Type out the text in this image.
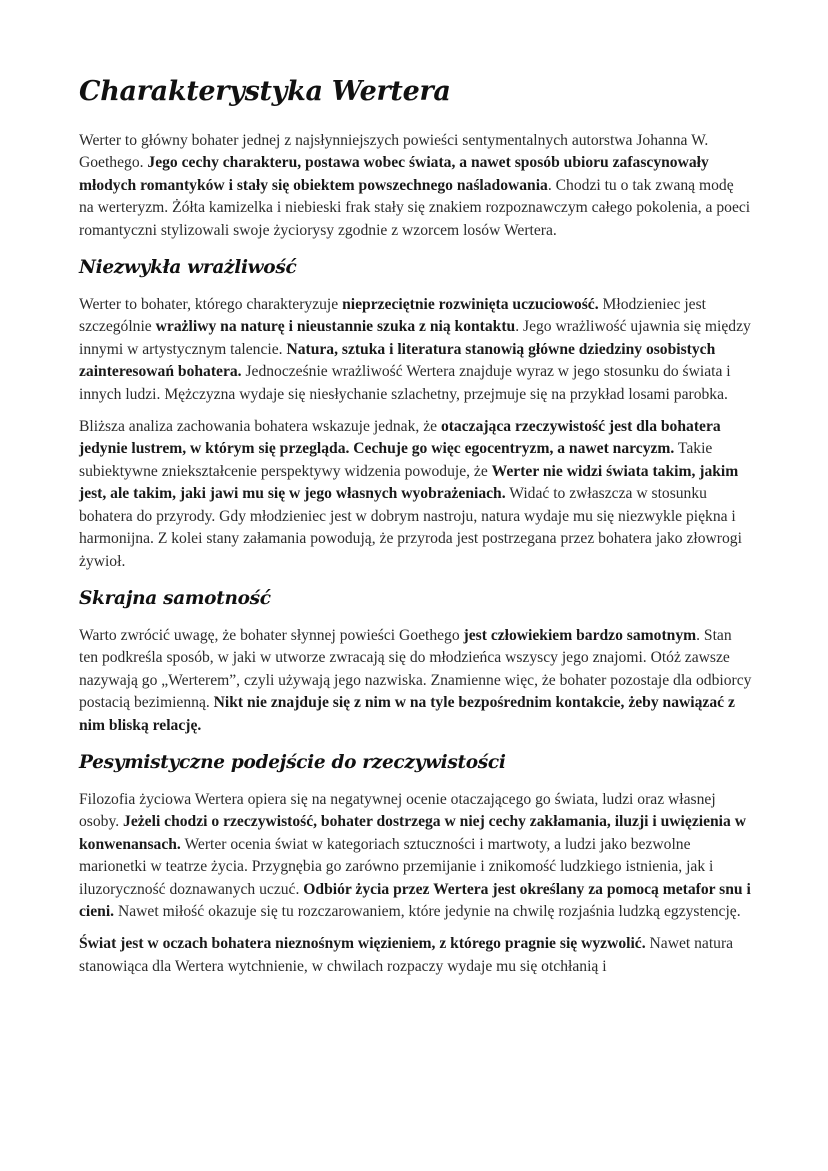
Charakterystyka Wertera

Werter to główny bohater jednej z najsłynniejszych powieści sentymentalnych autorstwa Johanna W. Goethego. Jego cechy charakteru, postawa wobec świata, a nawet sposób ubioru zafascynowały młodych romantyków i stały się obiektem powszechnego naśladowania. Chodzi tu o tak zwaną modę na werteryzm. Żółta kamizelka i niebieski frak stały się znakiem rozpoznawczym całego pokolenia, a poeci romantyczni stylizowali swoje życiorysy zgodnie z wzorcem losów Wertera.

Niezwykła wrażliwość

Werter to bohater, którego charakteryzuje nieprzeciętnie rozwinięta uczuciowość. Młodzieniec jest szczególnie wrażliwy na naturę i nieustannie szuka z nią kontaktu. Jego wrażliwość ujawnia się między innymi w artystycznym talencie. Natura, sztuka i literatura stanowią główne dziedziny osobistych zainteresowań bohatera. Jednocześnie wrażliwość Wertera znajduje wyraz w jego stosunku do świata i innych ludzi. Mężczyzna wydaje się niesłychanie szlachetny, przejmuje się na przykład losami parobka.

Bliższa analiza zachowania bohatera wskazuje jednak, że otaczająca rzeczywistość jest dla bohatera jedynie lustrem, w którym się przegląda. Cechuje go więc egocentryzm, a nawet narcyzm. Takie subiektywne zniekształcenie perspektywy widzenia powoduje, że Werter nie widzi świata takim, jakim jest, ale takim, jaki jawi mu się w jego własnych wyobrażeniach. Widać to zwłaszcza w stosunku bohatera do przyrody. Gdy młodzieniec jest w dobrym nastroju, natura wydaje mu się niezwykle piękna i harmonijna. Z kolei stany załamania powodują, że przyroda jest postrzegana przez bohatera jako złowrogi żywioł.

Skrajna samotność

Warto zwrócić uwagę, że bohater słynnej powieści Goethego jest człowiekiem bardzo samotnym. Stan ten podkreśla sposób, w jaki w utworze zwracają się do młodzieńca wszyscy jego znajomi. Otóż zawsze nazywają go „Werterem”, czyli używają jego nazwiska. Znamienne więc, że bohater pozostaje dla odbiorcy postacią bezimienną. Nikt nie znajduje się z nim w na tyle bezpośrednim kontakcie, żeby nawiązać z nim bliską relację.

Pesymistyczne podejście do rzeczywistości

Filozofia życiowa Wertera opiera się na negatywnej ocenie otaczającego go świata, ludzi oraz własnej osoby. Jeżeli chodzi o rzeczywistość, bohater dostrzega w niej cechy zakłamania, iluzji i uwięzienia w konwenansach. Werter ocenia świat w kategoriach sztuczności i martwoty, a ludzi jako bezwolne marionetki w teatrze życia. Przygnębia go zarówno przemijanie i znikomość ludzkiego istnienia, jak i iluzoryczność doznawanych uczuć. Odbiór życia przez Wertera jest określany za pomocą metafor snu i cieni. Nawet miłość okazuje się tu rozczarowaniem, które jedynie na chwilę rozjaśnia ludzką egzystencję.

Świat jest w oczach bohatera nieznośnym więzieniem, z którego pragnie się wyzwolić. Nawet natura stanowiąca dla Wertera wytchnienie, w chwilach rozpaczy wydaje mu się otchłanią i
